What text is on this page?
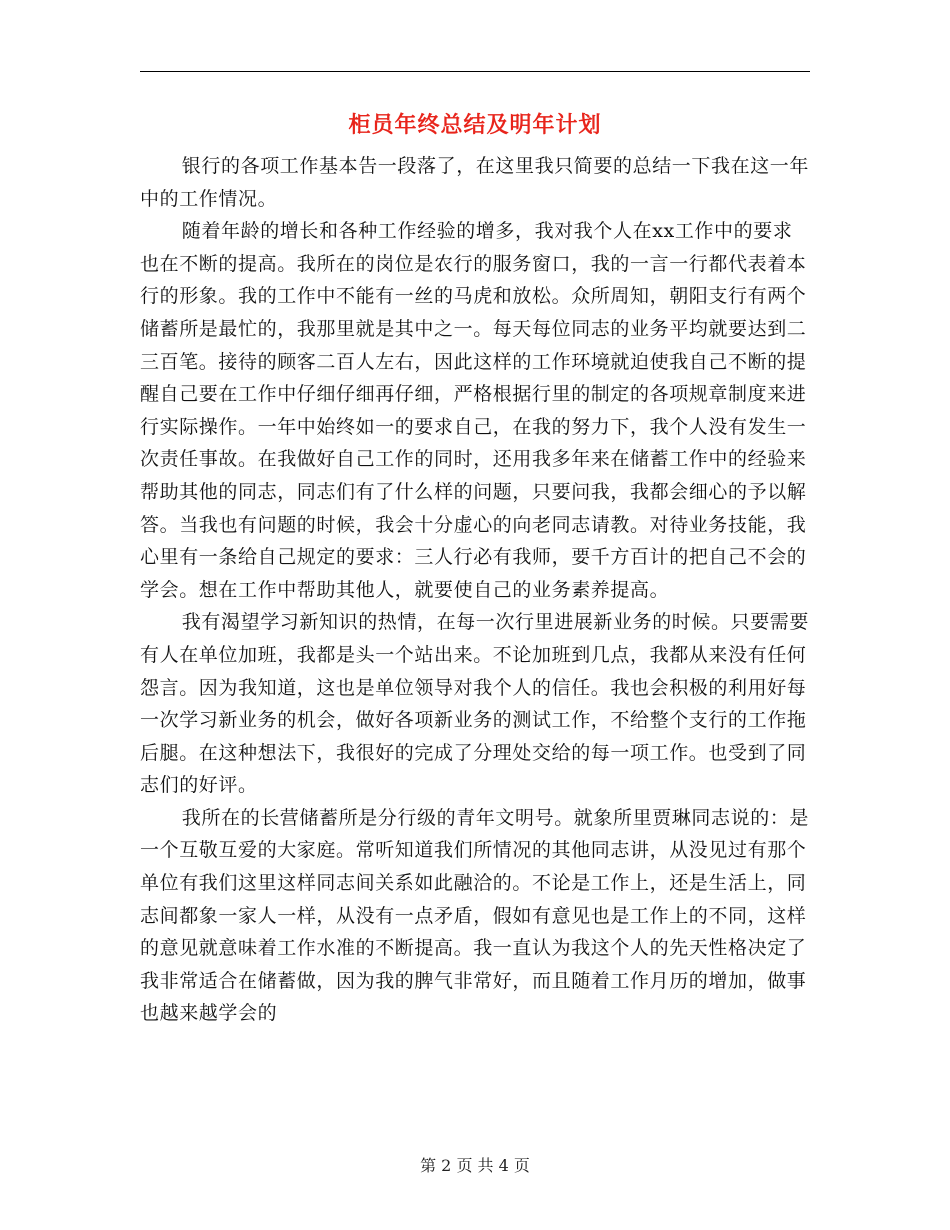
柜员年终总结及明年计划

银行的各项工作基本告一段落了，在这里我只简要的总结一下我在这一年中的工作情况。

随着年龄的增长和各种工作经验的增多，我对我个人在xx工作中的要求也在不断的提高。我所在的岗位是农行的服务窗口，我的一言一行都代表着本行的形象。我的工作中不能有一丝的马虎和放松。众所周知，朝阳支行有两个储蓄所是最忙的，我那里就是其中之一。每天每位同志的业务平均就要达到二三百笔。接待的顾客二百人左右，因此这样的工作环境就迫使我自己不断的提醒自己要在工作中仔细仔细再仔细，严格根据行里的制定的各项规章制度来进行实际操作。一年中始终如一的要求自己，在我的努力下，我个人没有发生一次责任事故。在我做好自己工作的同时，还用我多年来在储蓄工作中的经验来帮助其他的同志，同志们有了什么样的问题，只要问我，我都会细心的予以解答。当我也有问题的时候，我会十分虚心的向老同志请教。对待业务技能，我心里有一条给自己规定的要求：三人行必有我师，要千方百计的把自己不会的学会。想在工作中帮助其他人，就要使自己的业务素养提高。

我有渴望学习新知识的热情，在每一次行里进展新业务的时候。只要需要有人在单位加班，我都是头一个站出来。不论加班到几点，我都从来没有任何怨言。因为我知道，这也是单位领导对我个人的信任。我也会积极的利用好每一次学习新业务的机会，做好各项新业务的测试工作，不给整个支行的工作拖后腿。在这种想法下，我很好的完成了分理处交给的每一项工作。也受到了同志们的好评。

我所在的长营储蓄所是分行级的青年文明号。就象所里贾琳同志说的：是一个互敬互爱的大家庭。常听知道我们所情况的其他同志讲，从没见过有那个单位有我们这里这样同志间关系如此融洽的。不论是工作上，还是生活上，同志间都象一家人一样，从没有一点矛盾，假如有意见也是工作上的不同，这样的意见就意味着工作水准的不断提高。我一直认为我这个人的先天性格决定了我非常适合在储蓄做，因为我的脾气非常好，而且随着工作月历的增加，做事也越来越学会的

第 2 页 共 4 页
